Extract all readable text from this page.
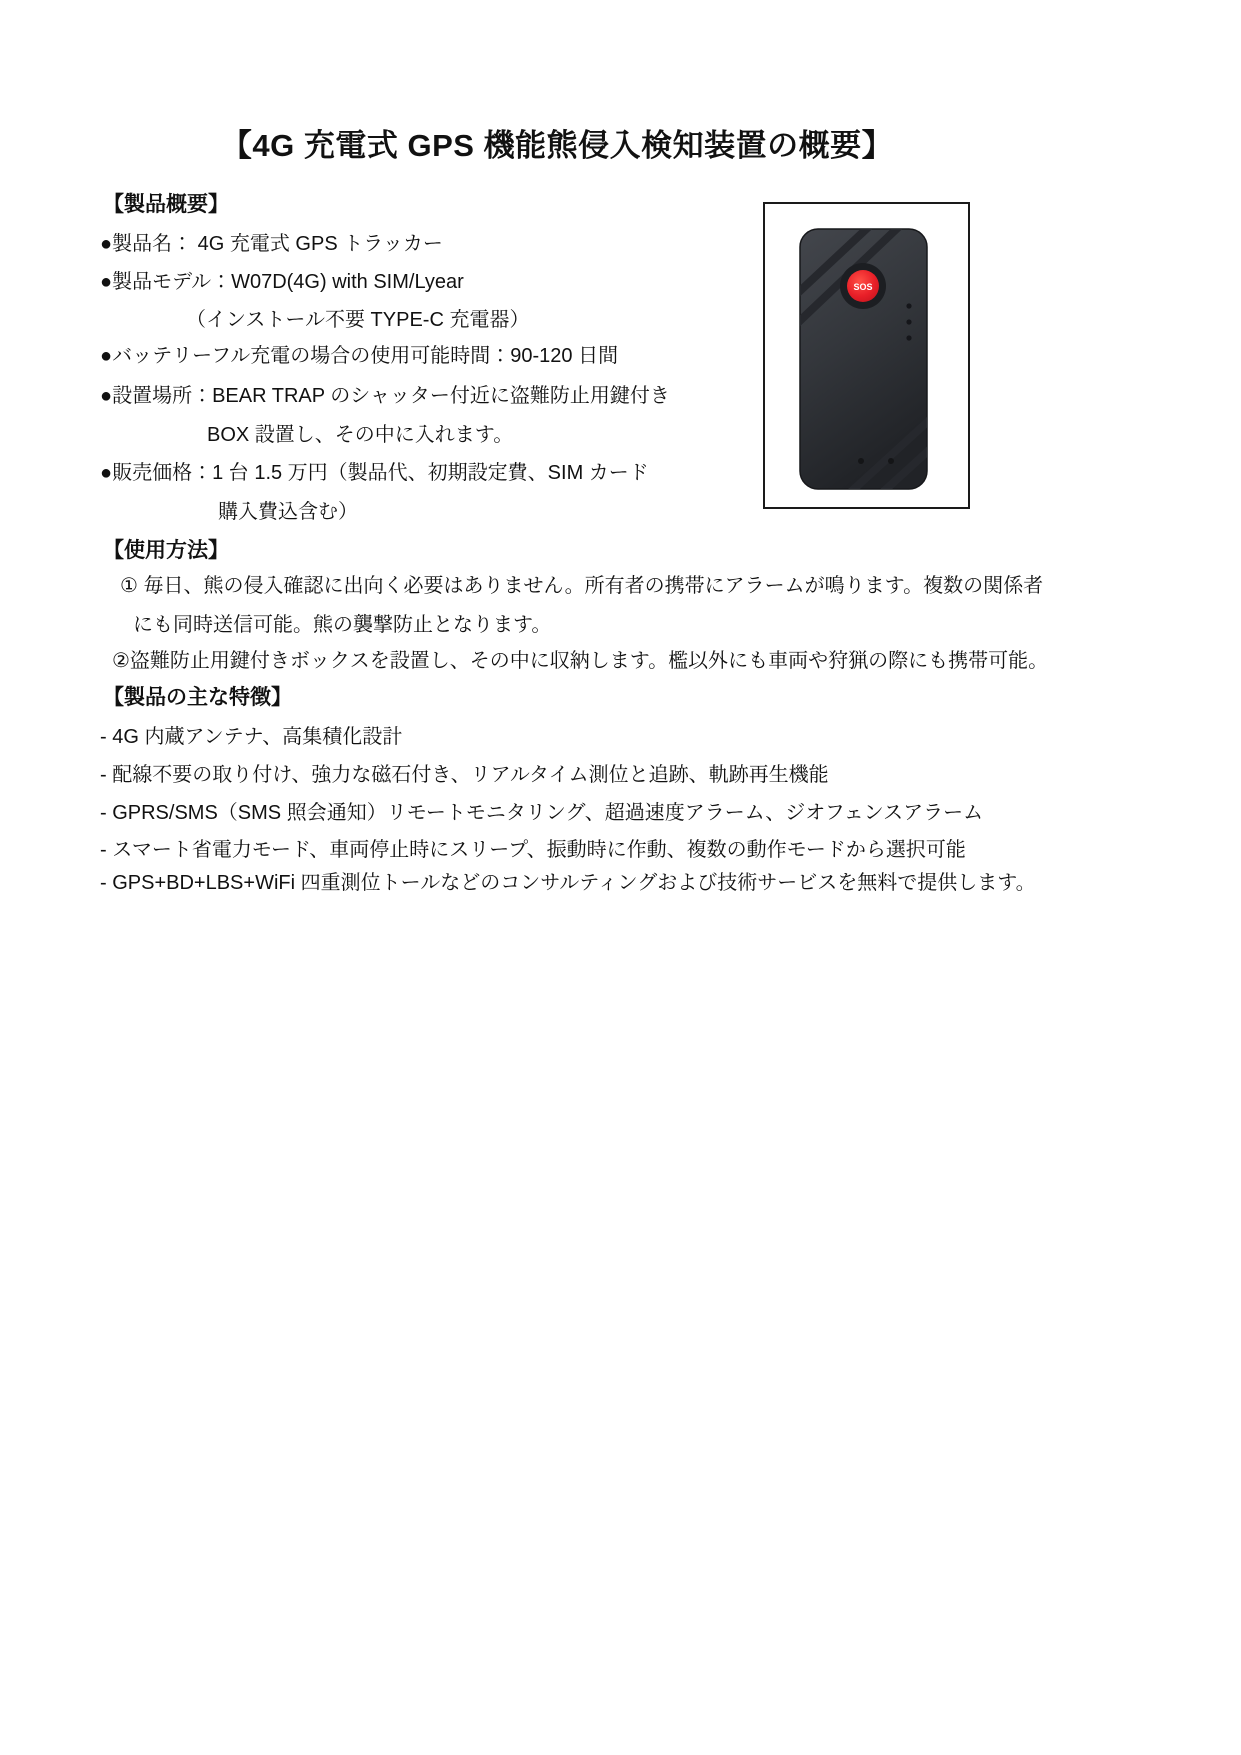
【4G 充電式 GPS 機能熊侵入検知装置の概要】
【製品概要】
●製品名： 4G 充電式 GPS トラッカー
●製品モデル：W07D(4G) with SIM/Lyear
（インストール不要 TYPE-C 充電器）
●バッテリーフル充電の場合の使用可能時間：90-120 日間
●設置場所：BEAR TRAP のシャッター付近に盗難防止用鍵付き
BOX 設置し、その中に入れます。
●販売価格：1 台 1.5 万円（製品代、初期設定費、SIM カード
購入費込含む）
【使用方法】
① 毎日、熊の侵入確認に出向く必要はありません。所有者の携帯にアラームが鳴ります。複数の関係者
にも同時送信可能。熊の襲撃防止となります。
②盗難防止用鍵付きボックスを設置し、その中に収納します。檻以外にも車両や狩猟の際にも携帯可能。
【製品の主な特徴】
- 4G 内蔵アンテナ、高集積化設計
- 配線不要の取り付け、強力な磁石付き、リアルタイム測位と追跡、軌跡再生機能
- GPRS/SMS（SMS 照会通知）リモートモニタリング、超過速度アラーム、ジオフェンスアラーム
- スマート省電力モード、車両停止時にスリープ、振動時に作動、複数の動作モードから選択可能
- GPS+BD+LBS+WiFi 四重測位トールなどのコンサルティングおよび技術サービスを無料で提供します。
SOS
